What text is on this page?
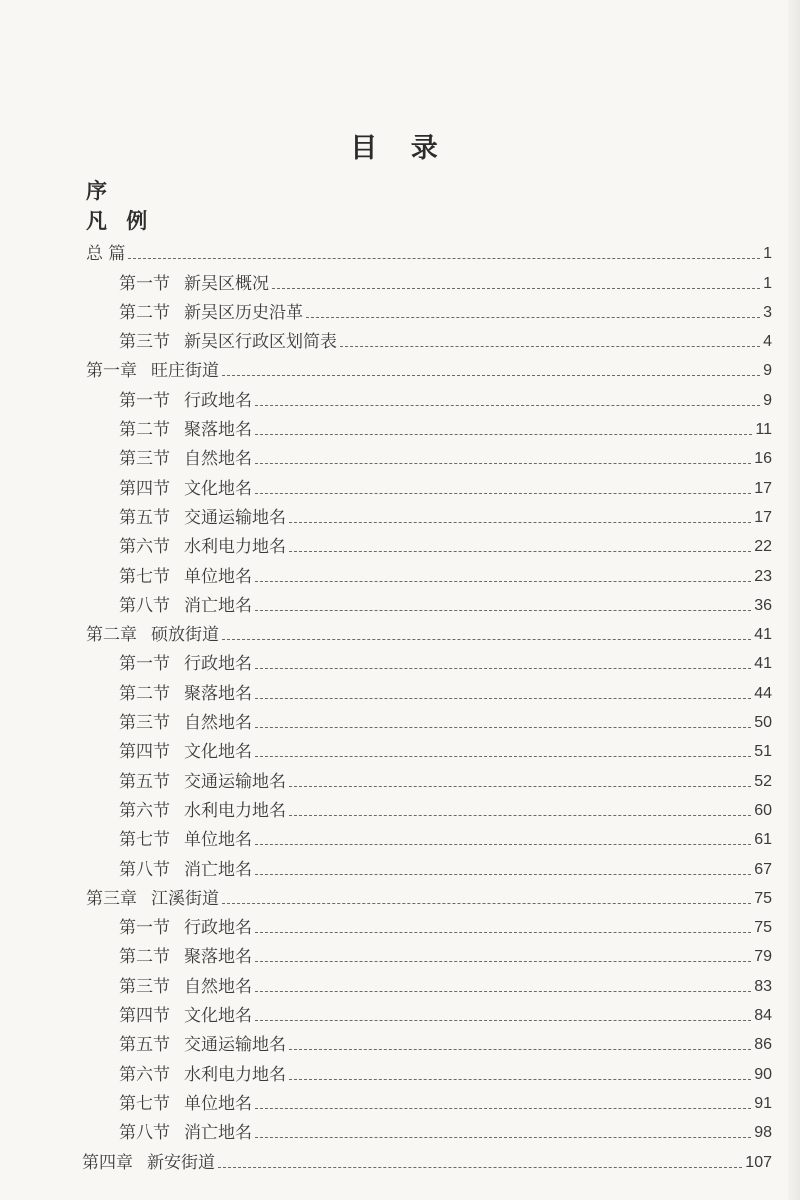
目 录
序
凡 例
总 篇	1
第一节 新吴区概况	1
第二节 新吴区历史沿革	3
第三节 新吴区行政区划简表	4
第一章 旺庄街道	9
第一节 行政地名	9
第二节 聚落地名	11
第三节 自然地名	16
第四节 文化地名	17
第五节 交通运输地名	17
第六节 水利电力地名	22
第七节 单位地名	23
第八节 消亡地名	36
第二章 硕放街道	41
第一节 行政地名	41
第二节 聚落地名	44
第三节 自然地名	50
第四节 文化地名	51
第五节 交通运输地名	52
第六节 水利电力地名	60
第七节 单位地名	61
第八节 消亡地名	67
第三章 江溪街道	75
第一节 行政地名	75
第二节 聚落地名	79
第三节 自然地名	83
第四节 文化地名	84
第五节 交通运输地名	86
第六节 水利电力地名	90
第七节 单位地名	91
第八节 消亡地名	98
第四章 新安街道	107
